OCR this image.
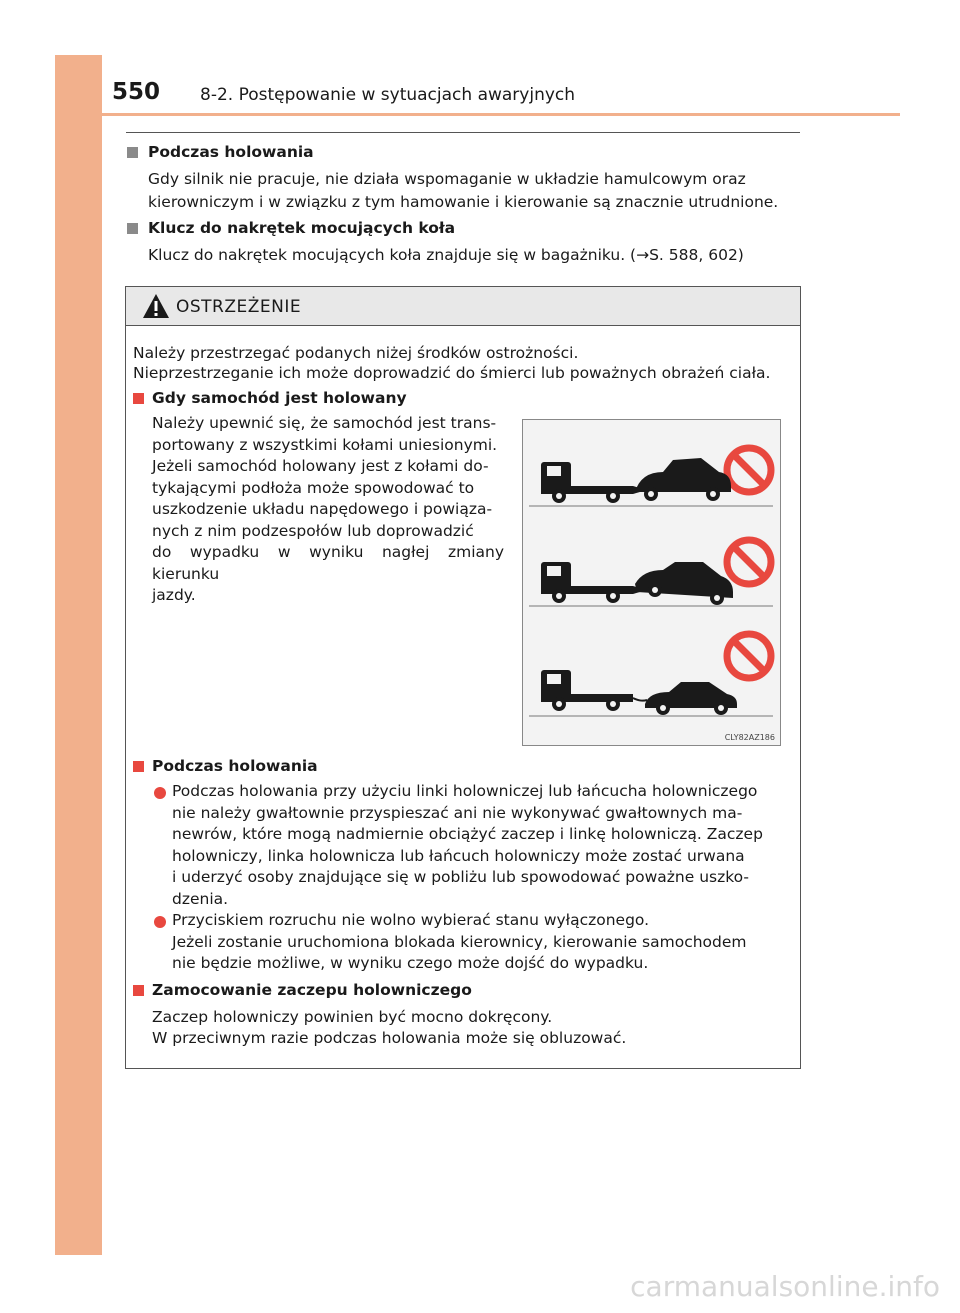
550 8-2. Postępowanie w sytuacjach awaryjnych
Podczas holowania
Gdy silnik nie pracuje, nie działa wspomaganie w układzie hamulcowym oraz
kierowniczym i w związku z tym hamowanie i kierowanie są znacznie utrudnione.
Klucz do nakrętek mocujących koła
Klucz do nakrętek mocujących koła znajduje się w bagażniku. (→S. 588, 602)
OSTRZEŻENIE
Należy przestrzegać podanych niżej środków ostrożności.
Nieprzestrzeganie ich może doprowadzić do śmierci lub poważnych obrażeń ciała.
Gdy samochód jest holowany
Należy upewnić się, że samochód jest trans-
portowany z wszystkimi kołami uniesionymi.
Jeżeli samochód holowany jest z kołami do-
tykającymi podłoża może spowodować to
uszkodzenie układu napędowego i powiąza-
nych z nim podzespołów lub doprowadzić
do wypadku w wyniku nagłej zmiany kierunku
jazdy.
CLY82AZ186
Podczas holowania
Podczas holowania przy użyciu linki holowniczej lub łańcucha holowniczego
nie należy gwałtownie przyspieszać ani nie wykonywać gwałtownych ma-
newrów, które mogą nadmiernie obciążyć zaczep i linkę holowniczą. Zaczep
holowniczy, linka holownicza lub łańcuch holowniczy może zostać urwana
i uderzyć osoby znajdujące się w pobliżu lub spowodować poważne uszko-
dzenia.
Przyciskiem rozruchu nie wolno wybierać stanu wyłączonego.
Jeżeli zostanie uruchomiona blokada kierownicy, kierowanie samochodem
nie będzie możliwe, w wyniku czego może dojść do wypadku.
Zamocowanie zaczepu holowniczego
Zaczep holowniczy powinien być mocno dokręcony.
W przeciwnym razie podczas holowania może się obluzować.
carmanualsonline.info
